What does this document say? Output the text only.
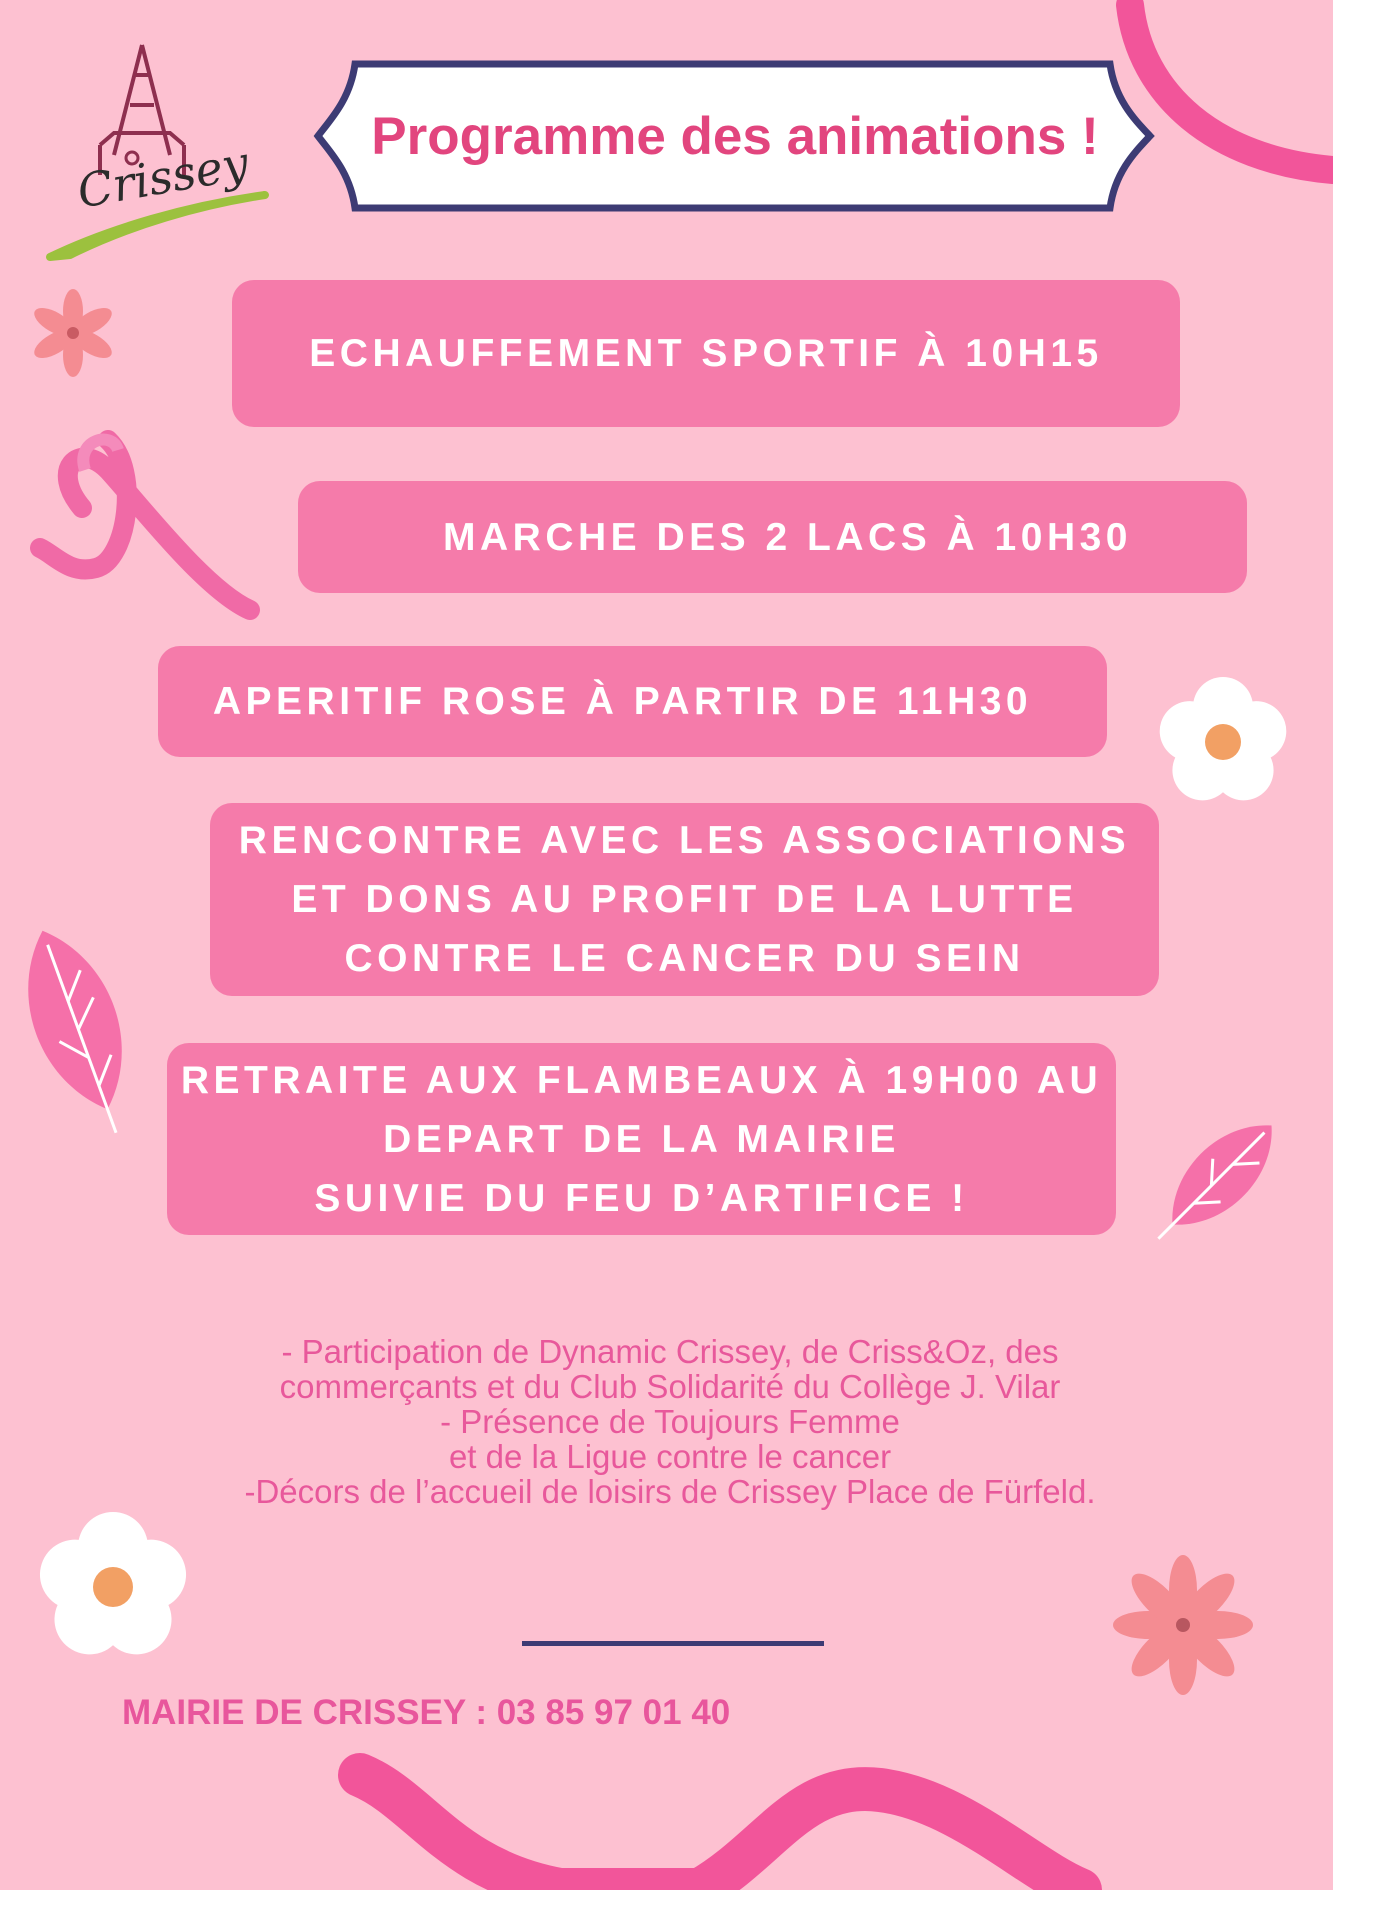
Crissey	Programme des animations !
ECHAUFFEMENT SPORTIF À 10H15
MARCHE DES 2 LACS À 10H30
APERITIF ROSE À PARTIR DE 11H30
RENCONTRE AVEC LES ASSOCIATIONS
ET DONS AU PROFIT DE LA LUTTE
CONTRE LE CANCER DU SEIN
RETRAITE AUX FLAMBEAUX À 19H00 AU
DEPART DE LA MAIRIE
SUIVIE DU FEU D’ARTIFICE !
- Participation de Dynamic Crissey, de Criss&Oz, des
commerçants et du Club Solidarité du Collège J. Vilar
- Présence de Toujours Femme
et de la Ligue contre le cancer
-Décors de l’accueil de loisirs de Crissey Place de Fürfeld.
MAIRIE DE CRISSEY : 03 85 97 01 40
